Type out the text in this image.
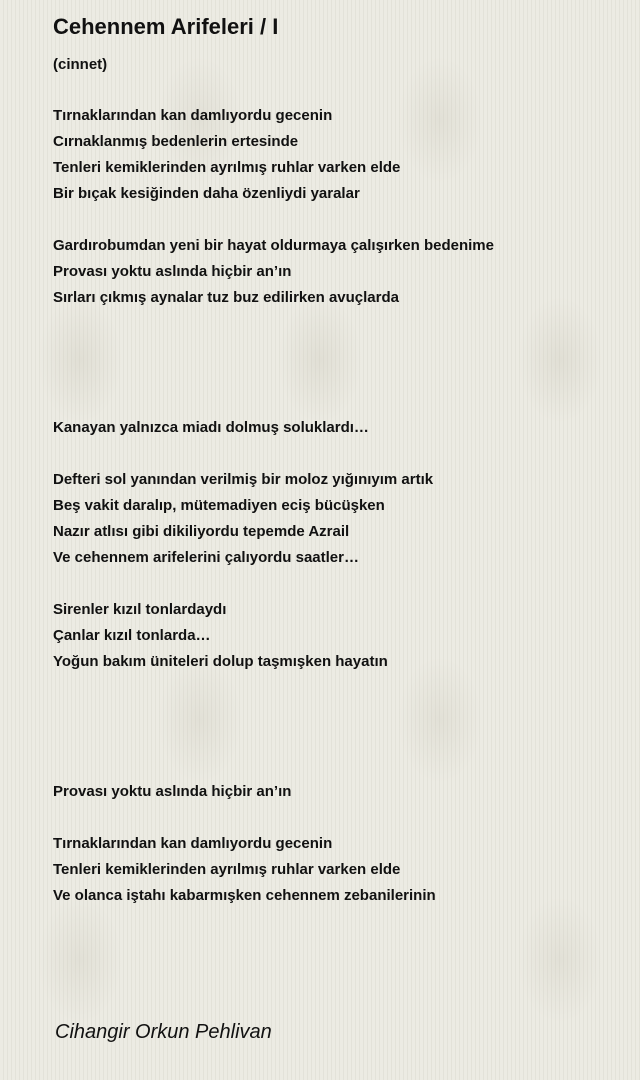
Cehennem Arifeleri / I
(cinnet)
Tırnaklarından kan damlıyordu gecenin
Cırnaklanmış bedenlerin ertesinde
Tenleri kemiklerinden ayrılmış ruhlar varken elde
Bir bıçak kesiğinden daha özenliydi yaralar
Gardırobumdan yeni bir hayat oldurmaya çalışırken bedenime
Provası yoktu aslında hiçbir an’ın
Sırları çıkmış aynalar tuz buz edilirken avuçlarda
Kanayan yalnızca miadı dolmuş soluklardı…
Defteri sol yanından verilmiş bir moloz yığınıyım artık
Beş vakit daralıp, mütemadiyen eciş bücüşken
Nazır atlısı gibi dikiliyordu tepemde Azrail
Ve cehennem arifelerini çalıyordu saatler…
Sirenler kızıl tonlardaydı
Çanlar kızıl tonlarda…
Yoğun bakım üniteleri dolup taşmışken hayatın
Provası yoktu aslında hiçbir an’ın
Tırnaklarından kan damlıyordu gecenin
Tenleri kemiklerinden ayrılmış ruhlar varken elde
Ve olanca iştahı kabarmışken cehennem zebanilerinin
Cihangir Orkun Pehlivan
